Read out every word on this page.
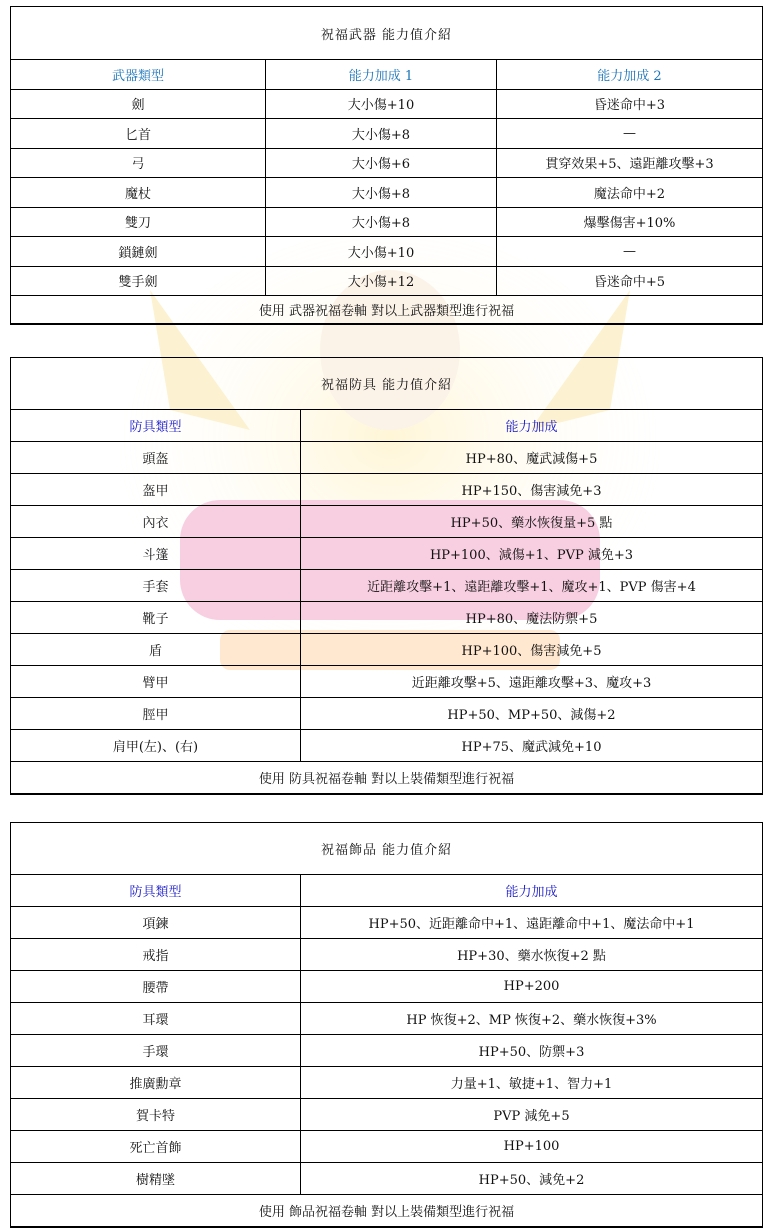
祝福武器 能力值介紹		
武器類型	能力加成 1	能力加成 2
劍	大小傷+10	昏迷命中+3
匕首	大小傷+8	—
弓	大小傷+6	貫穿效果+5、遠距離攻擊+3
魔杖	大小傷+8	魔法命中+2
雙刀	大小傷+8	爆擊傷害+10%
鎖鏈劍	大小傷+10	—
雙手劍	大小傷+12	昏迷命中+5
使用 武器祝福卷軸 對以上武器類型進行祝福		
祝福防具 能力值介紹	
防具類型	能力加成
頭盔	HP+80、魔武減傷+5
盔甲	HP+150、傷害減免+3
內衣	HP+50、藥水恢復量+5 點
斗篷	HP+100、減傷+1、PVP 減免+3
手套	近距離攻擊+1、遠距離攻擊+1、魔攻+1、PVP 傷害+4
靴子	HP+80、魔法防禦+5
盾	HP+100、傷害減免+5
臂甲	近距離攻擊+5、遠距離攻擊+3、魔攻+3
脛甲	HP+50、MP+50、減傷+2
肩甲(左)、(右)	HP+75、魔武減免+10
使用 防具祝福卷軸 對以上裝備類型進行祝福	
祝福飾品 能力值介紹	
防具類型	能力加成
項鍊	HP+50、近距離命中+1、遠距離命中+1、魔法命中+1
戒指	HP+30、藥水恢復+2 點
腰帶	HP+200
耳環	HP 恢復+2、MP 恢復+2、藥水恢復+3%
手環	HP+50、防禦+3
推廣勳章	力量+1、敏捷+1、智力+1
賀卡特	PVP 減免+5
死亡首飾	HP+100
樹精墜	HP+50、減免+2
使用 飾品祝福卷軸 對以上裝備類型進行祝福	
